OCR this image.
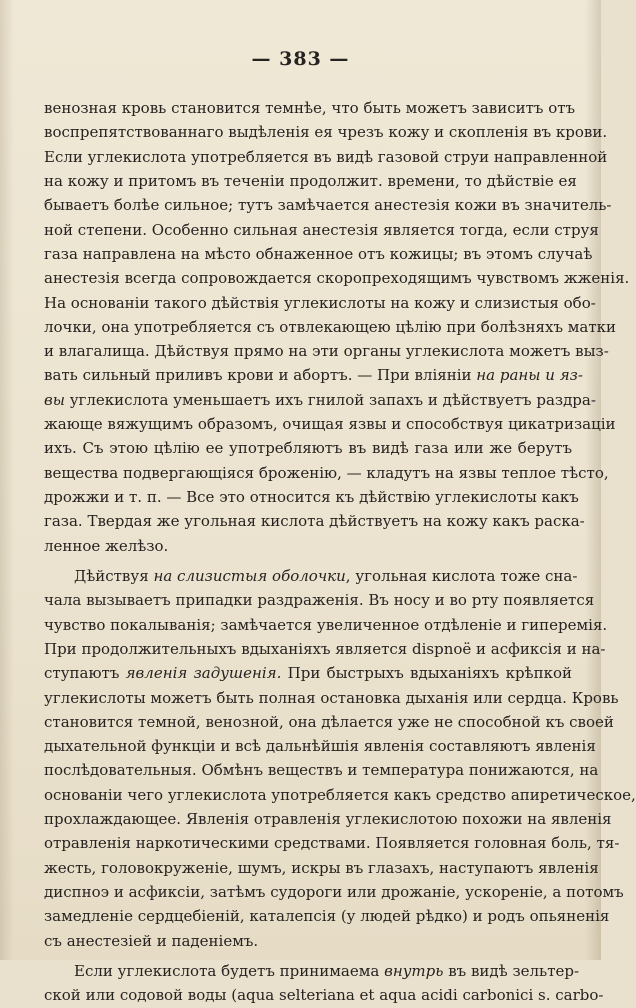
— 383 —
венозная кровь становится темнѣе, что быть можетъ зависитъ отъ
воспрепятствованнаго выдѣленія ея чрезъ кожу и скопленія въ крови.
Если углекислота употребляется въ видѣ газовой струи направленной
на кожу и притомъ въ теченіи продолжит. времени, то дѣйствіе ея
бываетъ болѣе сильное; тутъ замѣчается анестезія кожи въ значитель-
ной степени. Особенно сильная анестезія является тогда, если струя
газа направлена на мѣсто обнаженное отъ кожицы; въ этомъ случаѣ
анестезія всегда сопровождается скоропреходящимъ чувствомъ жженія.
На основаніи такого дѣйствія углекислоты на кожу и слизистыя обо-
лочки, она употребляется съ отвлекающею цѣлію при болѣзняхъ матки
и влагалища. Дѣйствуя прямо на эти органы углекислота можетъ выз-
вать сильный приливъ крови и абортъ. — При вліяніи на раны и яз-
вы углекислота уменьшаетъ ихъ гнилой запахъ и дѣйствуетъ раздра-
жающе вяжущимъ образомъ, очищая язвы и способствуя цикатризаціи
ихъ. Съ этою цѣлію ее употребляютъ въ видѣ газа или же берутъ
вещества подвергающіяся броженію, — кладутъ на язвы теплое тѣсто,
дрожжи и т. п. — Все это относится къ дѣйствію углекислоты какъ
газа. Твердая же угольная кислота дѣйствуетъ на кожу какъ раска-
ленное желѣзо.
Дѣйствуя на слизистыя оболочки, угольная кислота тоже сна-
чала вызываетъ припадки раздраженія. Въ носу и во рту появляется
чувство покалыванія; замѣчается увеличенное отдѣленіе и гиперемія.
При продолжительныхъ вдыханіяхъ является dispnoё и асфиксія и на-
ступаютъ явленія задушенія. При быстрыхъ вдыханіяхъ крѣпкой
углекислоты можетъ быть полная остановка дыханія или сердца. Кровь
становится темной, венозной, она дѣлается уже не способной къ своей
дыхательной функціи и всѣ дальнѣйшія явленія составляютъ явленія
послѣдовательныя. Обмѣнъ веществъ и температура понижаются, на
основаніи чего углекислота употребляется какъ средство апиретическое,
прохлаждающее. Явленія отравленія углекислотою похожи на явленія
отравленія наркотическими средствами. Появляется головная боль, тя-
жесть, головокруженіе, шумъ, искры въ глазахъ, наступаютъ явленія
диспноэ и асфиксіи, затѣмъ судороги или дрожаніе, ускореніе, а потомъ
замедленіе сердцебіеній, каталепсія (у людей рѣдко) и родъ опьяненія
съ анестезіей и паденіемъ.
Если углекислота будетъ принимаема внутрь въ видѣ зельтер-
ской или содовой воды (aqua selteriana et aqua acidi carbonici s. carbo-
